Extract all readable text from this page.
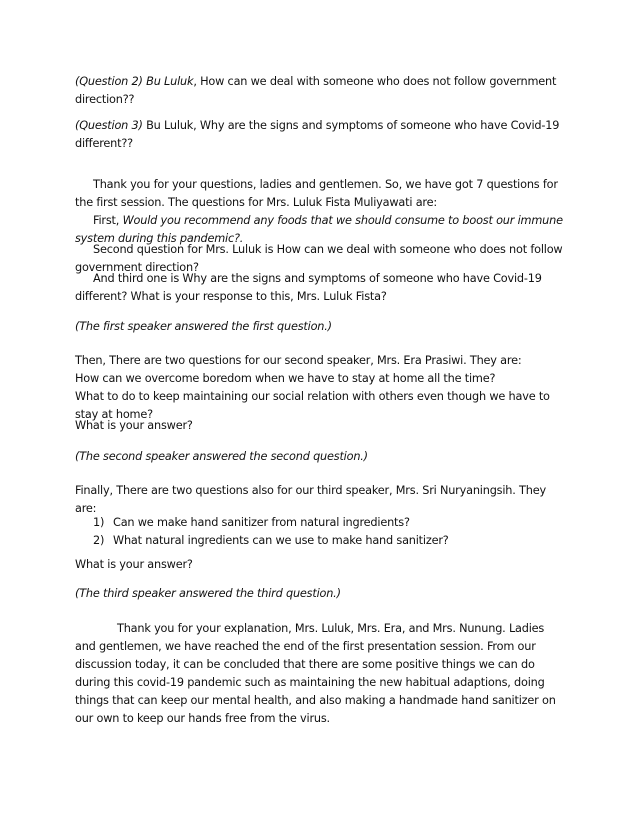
(Question 2) Bu Luluk, How can we deal with someone who does not follow government direction??

(Question 3) Bu Luluk, Why are the signs and symptoms of someone who have Covid-19 different??

Thank you for your questions, ladies and gentlemen. So, we have got 7 questions for the first session. The questions for Mrs. Luluk Fista Muliyawati are:

First, Would you recommend any foods that we should consume to boost our immune system during this pandemic?.

Second question for Mrs. Luluk is How can we deal with someone who does not follow government direction?

And third one is Why are the signs and symptoms of someone who have Covid-19 different? What is your response to this, Mrs. Luluk Fista?

(The first speaker answered the first question.)

Then, There are two questions for our second speaker, Mrs. Era Prasiwi. They are:

How can we overcome boredom when we have to stay at home all the time?

What to do to keep maintaining our social relation with others even though we have to stay at home?

What is your answer?

(The second speaker answered the second question.)

Finally, There are two questions also for our third speaker, Mrs. Sri Nuryaningsih. They are:

1) Can we make hand sanitizer from natural ingredients?
2) What natural ingredients can we use to make hand sanitizer?

What is your answer?

(The third speaker answered the third question.)

Thank you for your explanation, Mrs. Luluk, Mrs. Era, and Mrs. Nunung. Ladies and gentlemen, we have reached the end of the first presentation session. From our discussion today, it can be concluded that there are some positive things we can do during this covid-19 pandemic such as maintaining the new habitual adaptions, doing things that can keep our mental health, and also making a handmade hand sanitizer on our own to keep our hands free from the virus.
